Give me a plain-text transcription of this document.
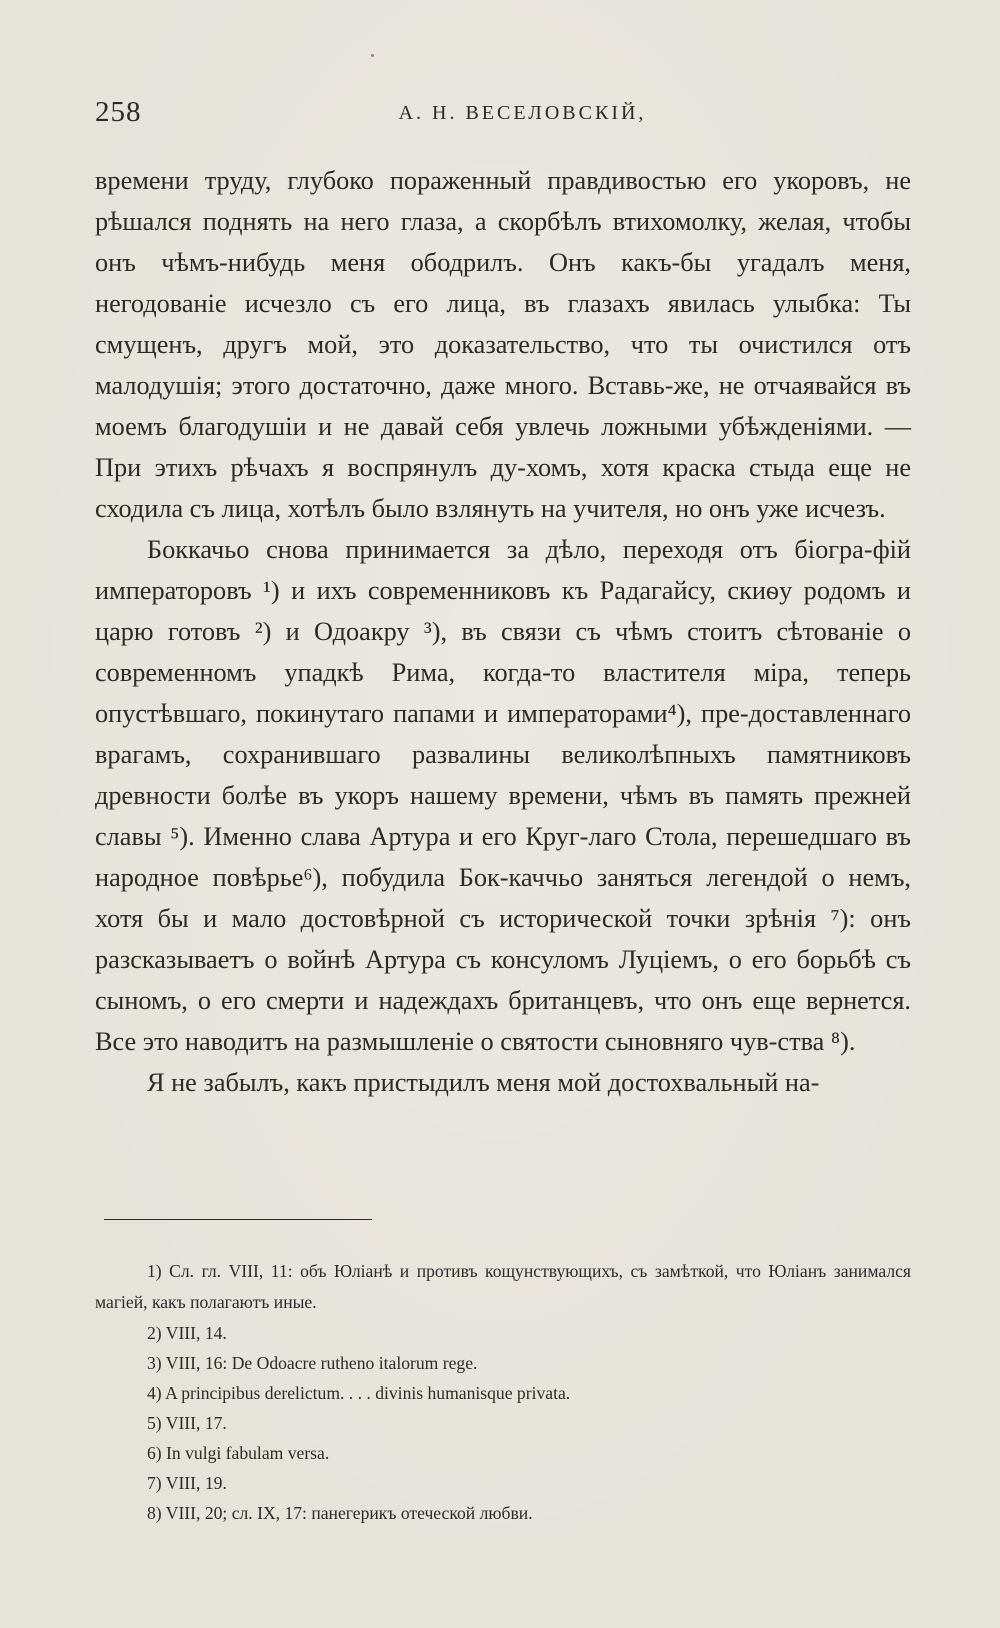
258	А. Н. ВЕСЕЛОВСКІЙ,

времени труду, глубоко пораженный правдивостью его укоровъ, не рѣшался поднять на него глаза, а скорбѣлъ втихомолку, желая, чтобы онъ чѣмъ-нибудь меня ободрилъ. Онъ какъ-бы угадалъ меня, негодованіе исчезло съ его лица, въ глазахъ явилась улыбка: Ты смущенъ, другъ мой, это доказательство, что ты очистился отъ малодушія; этого достаточно, даже много. Вставь-же, не отчаявайся въ моемъ благодушіи и не давай себя увлечь ложными убѣжденіями. — При этихъ рѣчахъ я воспрянулъ ду-хомъ, хотя краска стыда еще не сходила съ лица, хотѣлъ было взлянуть на учителя, но онъ уже исчезъ.

Боккачьо снова принимается за дѣло, переходя отъ біогра-фій императоровъ ¹) и ихъ современниковъ къ Радагайсу, скиѳу родомъ и царю готовъ ²) и Одоакру ³), въ связи съ чѣмъ стоитъ сѣтованіе о современномъ упадкѣ Рима, когда-то властителя міра, теперь опустѣвшаго, покинутаго папами и императорами⁴), пре-доставленнаго врагамъ, сохранившаго развалины великолѣпныхъ памятниковъ древности болѣе въ укоръ нашему времени, чѣмъ въ память прежней славы ⁵). Именно слава Артура и его Круг-лаго Стола, перешедшаго въ народное повѣрье⁶), побудила Бок-каччьо заняться легендой о немъ, хотя бы и мало достовѣрной съ исторической точки зрѣнія ⁷): онъ разсказываетъ о войнѣ Артура съ консуломъ Луціемъ, о его борьбѣ съ сыномъ, о его смерти и надеждахъ британцевъ, что онъ еще вернется. Все это наводитъ на размышленіе о святости сыновняго чув-ства ⁸).

Я не забылъ, какъ пристыдилъ меня мой достохвальный на-

1) Сл. гл. VIII, 11: объ Юліанѣ и противъ кощунствующихъ, съ замѣткой, что Юліанъ занимался магіей, какъ полагаютъ иные.

2) VIII, 14.

3) VIII, 16: De Odoacre rutheno italorum rege.

4) A principibus derelictum. . . . divinis humanisque privata.

5) VIII, 17.

6) In vulgi fabulam versa.

7) VIII, 19.

8) VIII, 20; сл. IX, 17: панегерикъ отеческой любви.
